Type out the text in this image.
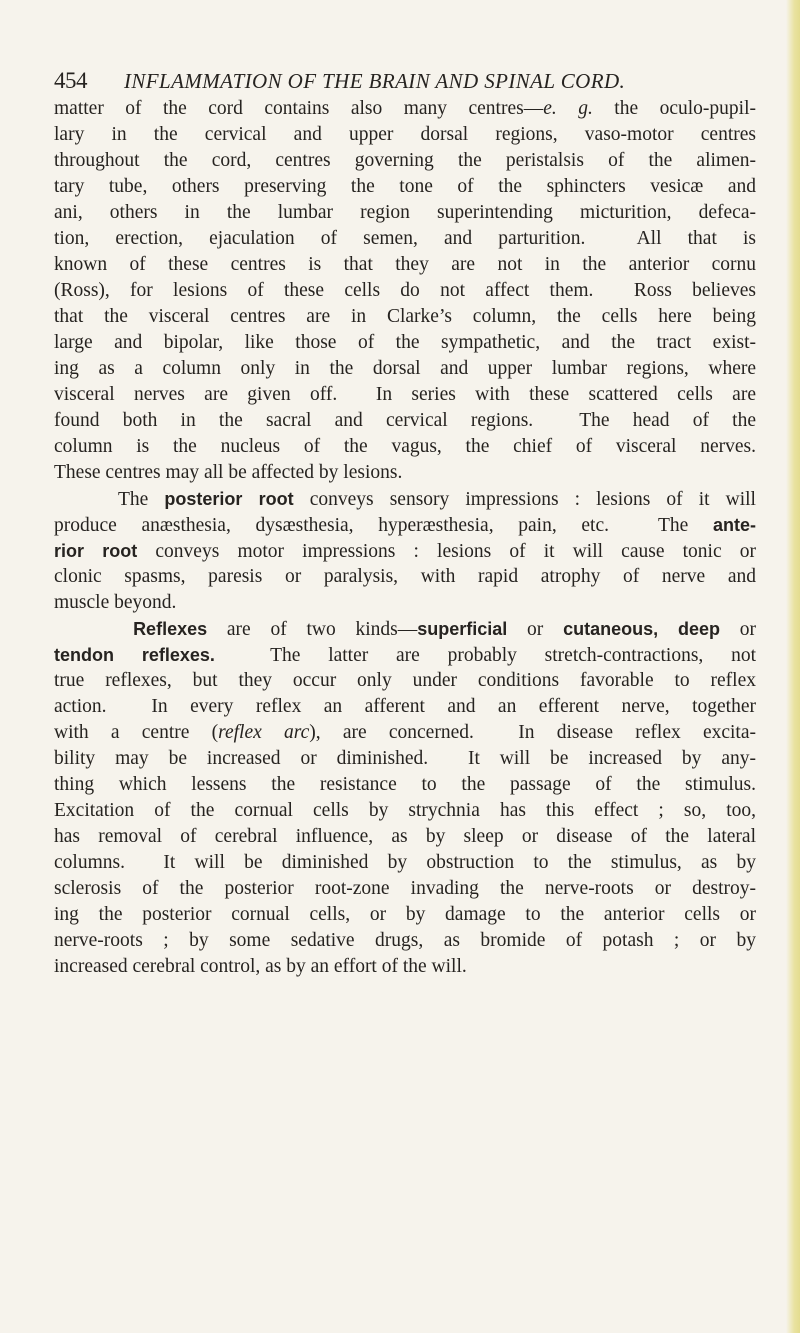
454 INFLAMMATION OF THE BRAIN AND SPINAL CORD.
matter of the cord contains also many centres—e. g. the oculo-pupil-
lary in the cervical and upper dorsal regions, vaso-motor centres
throughout the cord, centres governing the peristalsis of the alimen-
tary tube, others preserving the tone of the sphincters vesicæ and
ani, others in the lumbar region superintending micturition, defeca-
tion, erection, ejaculation of semen, and parturition.  All that is
known of these centres is that they are not in the anterior cornu
(Ross), for lesions of these cells do not affect them.  Ross believes
that the visceral centres are in Clarke’s column, the cells here being
large and bipolar, like those of the sympathetic, and the tract exist-
ing as a column only in the dorsal and upper lumbar regions, where
visceral nerves are given off.  In series with these scattered cells are
found both in the sacral and cervical regions.  The head of the
column is the nucleus of the vagus, the chief of visceral nerves.
These centres may all be affected by lesions.
The posterior root conveys sensory impressions : lesions of it will
produce anæsthesia, dysæsthesia, hyperæsthesia, pain, etc.  The ante-
rior root conveys motor impressions : lesions of it will cause tonic or
clonic spasms, paresis or paralysis, with rapid atrophy of nerve and
muscle beyond.
Reflexes are of two kinds—superficial or cutaneous, deep or
tendon reflexes.  The latter are probably stretch-contractions, not
true reflexes, but they occur only under conditions favorable to reflex
action.  In every reflex an afferent and an efferent nerve, together
with a centre (reflex arc), are concerned.  In disease reflex excita-
bility may be increased or diminished.  It will be increased by any-
thing which lessens the resistance to the passage of the stimulus.
Excitation of the cornual cells by strychnia has this effect ; so, too,
has removal of cerebral influence, as by sleep or disease of the lateral
columns.  It will be diminished by obstruction to the stimulus, as by
sclerosis of the posterior root-zone invading the nerve-roots or destroy-
ing the posterior cornual cells, or by damage to the anterior cells or
nerve-roots ; by some sedative drugs, as bromide of potash ; or by
increased cerebral control, as by an effort of the will.
